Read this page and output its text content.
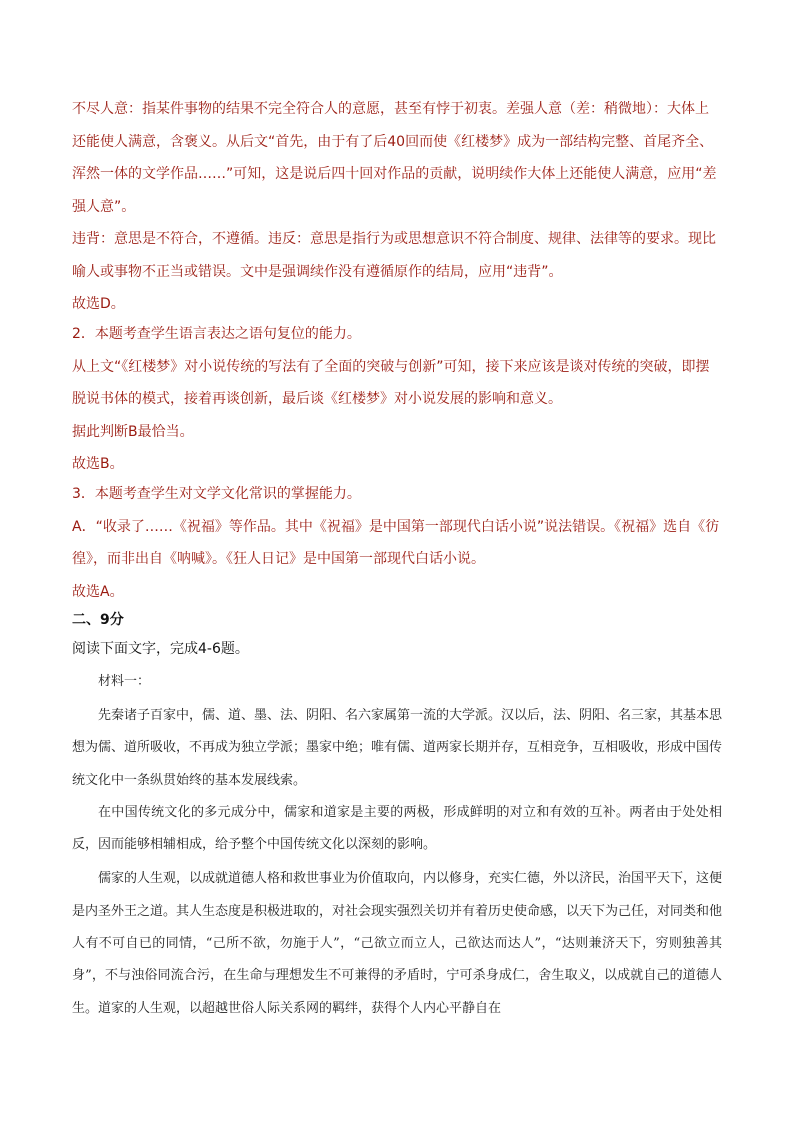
不尽人意：指某件事物的结果不完全符合人的意愿，甚至有悖于初衷。差强人意（差：稍微地）：大体上还能使人满意，含褒义。从后文“首先，由于有了后40回而使《红楼梦》成为一部结构完整、首尾齐全、浑然一体的文学作品……”可知，这是说后四十回对作品的贡献，说明续作大体上还能使人满意，应用“差强人意”。

违背：意思是不符合，不遵循。违反：意思是指行为或思想意识不符合制度、规律、法律等的要求。现比喻人或事物不正当或错误。文中是强调续作没有遵循原作的结局，应用“违背”。

故选D。

2．本题考查学生语言表达之语句复位的能力。

从上文“《红楼梦》对小说传统的写法有了全面的突破与创新”可知，接下来应该是谈对传统的突破，即摆脱说书体的模式，接着再谈创新，最后谈《红楼梦》对小说发展的影响和意义。

据此判断B最恰当。

故选B。

3．本题考查学生对文学文化常识的掌握能力。

A．“收录了……《祝福》等作品。其中《祝福》是中国第一部现代白话小说”说法错误。《祝福》选自《彷徨》，而非出自《呐喊》。《狂人日记》是中国第一部现代白话小说。

故选A。

二、9分
阅读下面文字，完成4-6题。

材料一：

先秦诸子百家中，儒、道、墨、法、阴阳、名六家属第一流的大学派。汉以后，法、阴阳、名三家，其基本思想为儒、道所吸收，不再成为独立学派；墨家中绝；唯有儒、道两家长期并存，互相竞争，互相吸收，形成中国传统文化中一条纵贯始终的基本发展线索。

在中国传统文化的多元成分中，儒家和道家是主要的两极，形成鲜明的对立和有效的互补。两者由于处处相反，因而能够相辅相成，给予整个中国传统文化以深刻的影响。

儒家的人生观，以成就道德人格和救世事业为价值取向，内以修身，充实仁德，外以济民，治国平天下，这便是内圣外王之道。其人生态度是积极进取的，对社会现实强烈关切并有着历史使命感，以天下为己任，对同类和他人有不可自已的同情，“己所不欲，勿施于人”，“己欲立而立人，己欲达而达人”，“达则兼济天下，穷则独善其身”，不与浊俗同流合污，在生命与理想发生不可兼得的矛盾时，宁可杀身成仁，舍生取义，以成就自己的道德人生。道家的人生观，以超越世俗人际关系网的羁绊，获得个人内心平静自在
